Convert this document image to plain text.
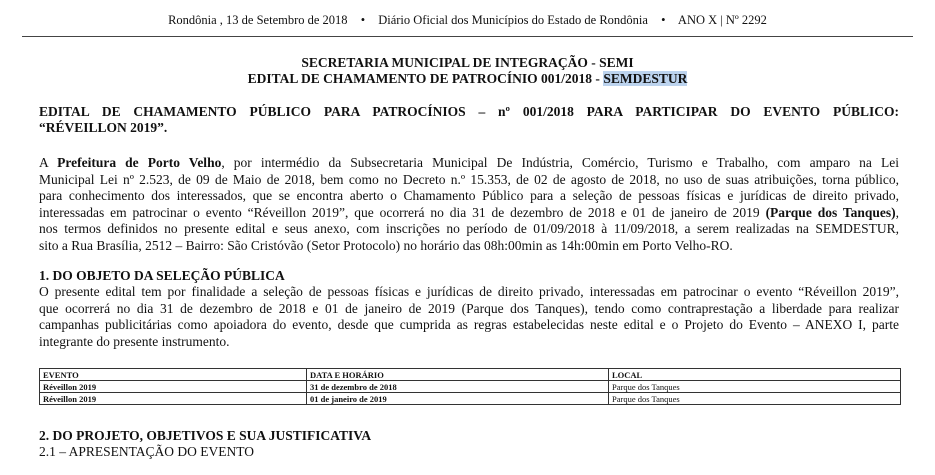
Rondônia , 13 de Setembro de 2018 • Diário Oficial dos Municípios do Estado de Rondônia • ANO X | Nº 2292
SECRETARIA MUNICIPAL DE INTEGRAÇÃO - SEMI
EDITAL DE CHAMAMENTO DE PATROCÍNIO 001/2018 - SEMDESTUR
EDITAL DE CHAMAMENTO PÚBLICO PARA PATROCÍNIOS – nº 001/2018 PARA PARTICIPAR DO EVENTO PÚBLICO:
“RÉVEILLON 2019”.
A Prefeitura de Porto Velho, por intermédio da Subsecretaria Municipal De Indústria, Comércio, Turismo e Trabalho, com amparo na Lei
Municipal Lei nº 2.523, de 09 de Maio de 2018, bem como no Decreto n.º 15.353, de 02 de agosto de 2018, no uso de suas atribuições, torna público,
para conhecimento dos interessados, que se encontra aberto o Chamamento Público para a seleção de pessoas físicas e jurídicas de direito privado,
interessadas em patrocinar o evento “Réveillon 2019”, que ocorrerá no dia 31 de dezembro de 2018 e 01 de janeiro de 2019 (Parque dos Tanques),
nos termos definidos no presente edital e seus anexo, com inscrições no período de 01/09/2018 à 11/09/2018, a serem realizadas na SEMDESTUR,
sito a Rua Brasília, 2512 – Bairro: São Cristóvão (Setor Protocolo) no horário das 08h:00min as 14h:00min em Porto Velho-RO.
1. DO OBJETO DA SELEÇÃO PÚBLICA
O presente edital tem por finalidade a seleção de pessoas físicas e jurídicas de direito privado, interessadas em patrocinar o evento “Réveillon 2019”,
que ocorrerá no dia 31 de dezembro de 2018 e 01 de janeiro de 2019 (Parque dos Tanques), tendo como contraprestação a liberdade para realizar
campanhas publicitárias como apoiadora do evento, desde que cumprida as regras estabelecidas neste edital e o Projeto do Evento – ANEXO I, parte
integrante do presente instrumento.
EVENTO	DATA E HORÁRIO	LOCAL
Réveillon 2019	31 de dezembro de 2018	Parque dos Tanques
Réveillon 2019	01 de janeiro de 2019	Parque dos Tanques
2. DO PROJETO, OBJETIVOS E SUA JUSTIFICATIVA
2.1 – APRESENTAÇÃO DO EVENTO
